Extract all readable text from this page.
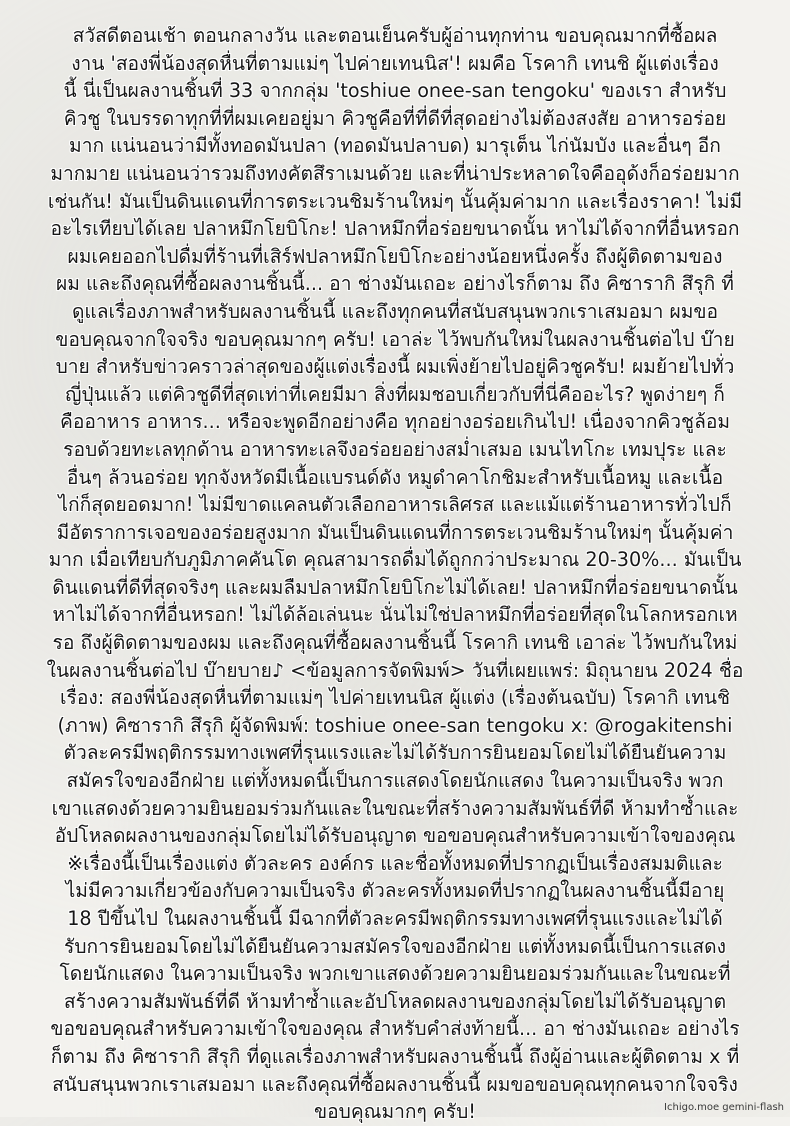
สวัสดีตอนเช้า ตอนกลางวัน และตอนเย็นครับผู้อ่านทุกท่าน ขอบคุณมากที่ซื้อผล
งาน 'สองพี่น้องสุดหื่นที่ตามแม่ๆ ไปค่ายเทนนิส'! ผมคือ โรคากิ เทนชิ ผู้แต่งเรื่อง
นี้ นี่เป็นผลงานชิ้นที่ 33 จากกลุ่ม 'toshiue onee-san tengoku' ของเรา สำหรับ
คิวชู ในบรรดาทุกที่ที่ผมเคยอยู่มา คิวชูคือที่ที่ดีที่สุดอย่างไม่ต้องสงสัย อาหารอร่อย
มาก แน่นอนว่ามีทั้งทอดมันปลา (ทอดมันปลาบด) มารุเต็น ไก่นัมบัง และอื่นๆ อีก
มากมาย แน่นอนว่ารวมถึงทงคัตสึราเมนด้วย และที่น่าประหลาดใจคืออุด้งก็อร่อยมาก
เช่นกัน! มันเป็นดินแดนที่การตระเวนชิมร้านใหม่ๆ นั้นคุ้มค่ามาก และเรื่องราคา! ไม่มี
อะไรเทียบได้เลย ปลาหมึกโยบิโกะ! ปลาหมึกที่อร่อยขนาดนั้น หาไม่ได้จากที่อื่นหรอก
ผมเคยออกไปดื่มที่ร้านที่เสิร์ฟปลาหมึกโยบิโกะอย่างน้อยหนึ่งครั้ง ถึงผู้ติดตามของ
ผม และถึงคุณที่ซื้อผลงานชิ้นนี้... อา ช่างมันเถอะ อย่างไรก็ตาม ถึง คิซารากิ สึรุกิ ที่
ดูแลเรื่องภาพสำหรับผลงานชิ้นนี้ และถึงทุกคนที่สนับสนุนพวกเราเสมอมา ผมขอ
ขอบคุณจากใจจริง ขอบคุณมากๆ ครับ! เอาล่ะ ไว้พบกันใหม่ในผลงานชิ้นต่อไป บ๊าย
บาย สำหรับข่าวคราวล่าสุดของผู้แต่งเรื่องนี้ ผมเพิ่งย้ายไปอยู่คิวชูครับ! ผมย้ายไปทั่ว
ญี่ปุ่นแล้ว แต่คิวชูดีที่สุดเท่าที่เคยมีมา สิ่งที่ผมชอบเกี่ยวกับที่นี่คืออะไร? พูดง่ายๆ ก็
คืออาหาร อาหาร... หรือจะพูดอีกอย่างคือ ทุกอย่างอร่อยเกินไป! เนื่องจากคิวชูล้อม
รอบด้วยทะเลทุกด้าน อาหารทะเลจึงอร่อยอย่างสม่ำเสมอ เมนไทโกะ เทมปุระ และ
อื่นๆ ล้วนอร่อย ทุกจังหวัดมีเนื้อแบรนด์ดัง หมูดำคาโกชิมะสำหรับเนื้อหมู และเนื้อ
ไก่ก็สุดยอดมาก! ไม่มีขาดแคลนตัวเลือกอาหารเลิศรส และแม้แต่ร้านอาหารทั่วไปก็
มีอัตราการเจอของอร่อยสูงมาก มันเป็นดินแดนที่การตระเวนชิมร้านใหม่ๆ นั้นคุ้มค่า
มาก เมื่อเทียบกับภูมิภาคคันโต คุณสามารถดื่มได้ถูกกว่าประมาณ 20-30%... มันเป็น
ดินแดนที่ดีที่สุดจริงๆ และผมลืมปลาหมึกโยบิโกะไม่ได้เลย! ปลาหมึกที่อร่อยขนาดนั้น
หาไม่ได้จากที่อื่นหรอก! ไม่ได้ล้อเล่นนะ นั่นไม่ใช่ปลาหมึกที่อร่อยที่สุดในโลกหรอกเห
รอ ถึงผู้ติดตามของผม และถึงคุณที่ซื้อผลงานชิ้นนี้ โรคากิ เทนชิ เอาล่ะ ไว้พบกันใหม่
ในผลงานชิ้นต่อไป บ๊ายบาย♪ <ข้อมูลการจัดพิมพ์> วันที่เผยแพร่: มิถุนายน 2024 ชื่อ
เรื่อง: สองพี่น้องสุดหื่นที่ตามแม่ๆ ไปค่ายเทนนิส ผู้แต่ง (เรื่องต้นฉบับ) โรคากิ เทนชิ
(ภาพ) คิซารากิ สึรุกิ ผู้จัดพิมพ์: toshiue onee-san tengoku x: @rogakitenshi
ตัวละครมีพฤติกรรมทางเพศที่รุนแรงและไม่ได้รับการยินยอมโดยไม่ได้ยืนยันความ
สมัครใจของอีกฝ่าย แต่ทั้งหมดนี้เป็นการแสดงโดยนักแสดง ในความเป็นจริง พวก
เขาแสดงด้วยความยินยอมร่วมกันและในขณะที่สร้างความสัมพันธ์ที่ดี ห้ามทำซ้ำและ
อัปโหลดผลงานของกลุ่มโดยไม่ได้รับอนุญาต ขอขอบคุณสำหรับความเข้าใจของคุณ
※เรื่องนี้เป็นเรื่องแต่ง ตัวละคร องค์กร และชื่อทั้งหมดที่ปรากฏเป็นเรื่องสมมติและ
ไม่มีความเกี่ยวข้องกับความเป็นจริง ตัวละครทั้งหมดที่ปรากฏในผลงานชิ้นนี้มีอายุ
18 ปีขึ้นไป ในผลงานชิ้นนี้ มีฉากที่ตัวละครมีพฤติกรรมทางเพศที่รุนแรงและไม่ได้
รับการยินยอมโดยไม่ได้ยืนยันความสมัครใจของอีกฝ่าย แต่ทั้งหมดนี้เป็นการแสดง
โดยนักแสดง ในความเป็นจริง พวกเขาแสดงด้วยความยินยอมร่วมกันและในขณะที่
สร้างความสัมพันธ์ที่ดี ห้ามทำซ้ำและอัปโหลดผลงานของกลุ่มโดยไม่ได้รับอนุญาต
ขอขอบคุณสำหรับความเข้าใจของคุณ สำหรับคำส่งท้ายนี้... อา ช่างมันเถอะ อย่างไร
ก็ตาม ถึง คิซารากิ สึรุกิ ที่ดูแลเรื่องภาพสำหรับผลงานชิ้นนี้ ถึงผู้อ่านและผู้ติดตาม x ที่
สนับสนุนพวกเราเสมอมา และถึงคุณที่ซื้อผลงานชิ้นนี้ ผมขอขอบคุณทุกคนจากใจจริง
ขอบคุณมากๆ ครับ!	Ichigo.moe gemini-flash
